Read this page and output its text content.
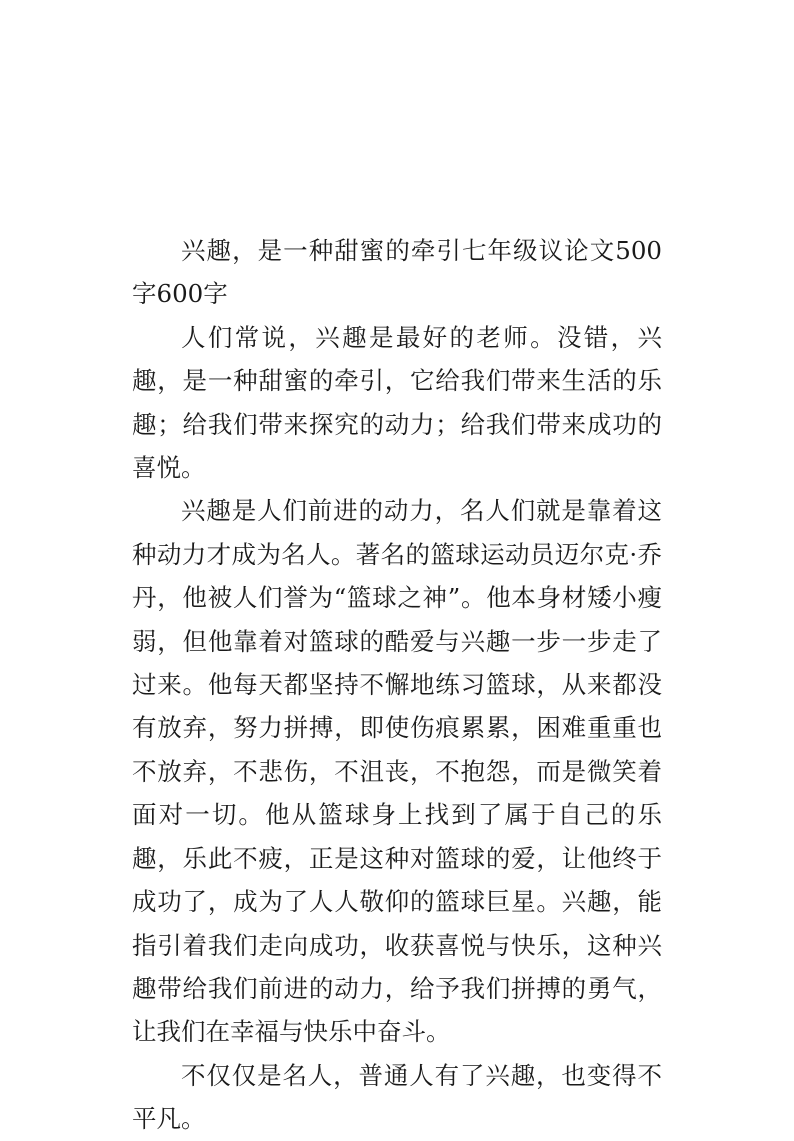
兴趣，是一种甜蜜的牵引七年级议论文500字600字

人们常说，兴趣是最好的老师。没错，兴趣，是一种甜蜜的牵引，它给我们带来生活的乐趣；给我们带来探究的动力；给我们带来成功的喜悦。

兴趣是人们前进的动力，名人们就是靠着这种动力才成为名人。著名的篮球运动员迈尔克·乔丹，他被人们誉为“篮球之神”。他本身材矮小瘦弱，但他靠着对篮球的酷爱与兴趣一步一步走了过来。他每天都坚持不懈地练习篮球，从来都没有放弃，努力拼搏，即使伤痕累累，困难重重也不放弃，不悲伤，不沮丧，不抱怨，而是微笑着面对一切。他从篮球身上找到了属于自己的乐趣，乐此不疲，正是这种对篮球的爱，让他终于成功了，成为了人人敬仰的篮球巨星。兴趣，能指引着我们走向成功，收获喜悦与快乐，这种兴趣带给我们前进的动力，给予我们拼搏的勇气，让我们在幸福与快乐中奋斗。

不仅仅是名人，普通人有了兴趣，也变得不平凡。
